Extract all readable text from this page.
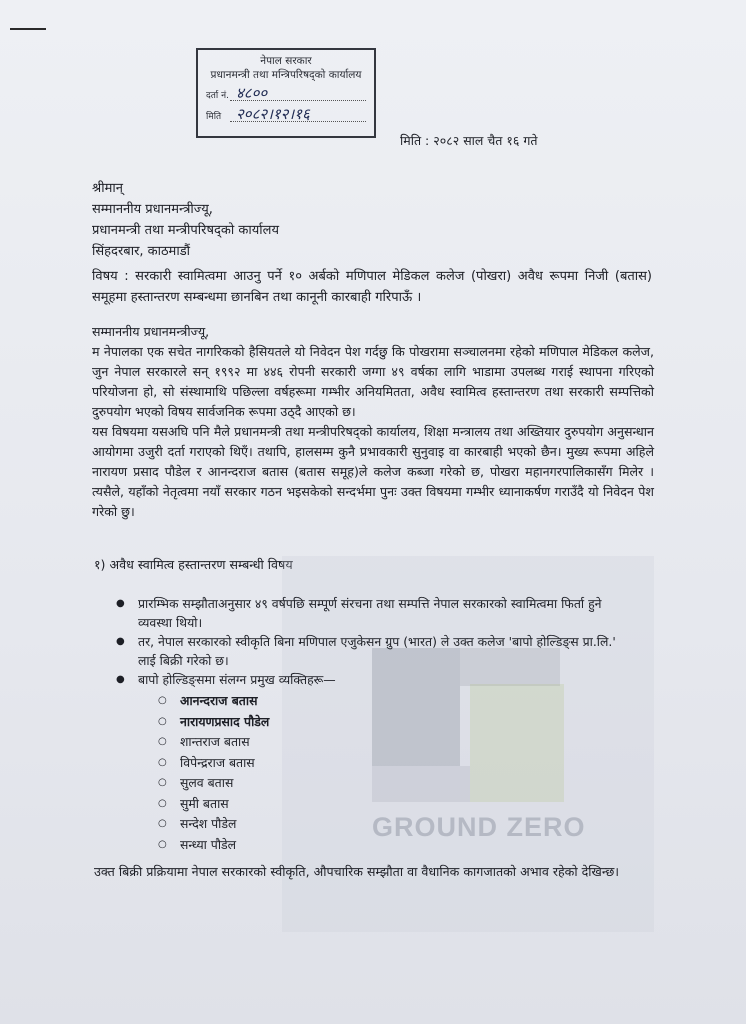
नेपाल सरकार
प्रधानमन्त्री तथा मन्त्रिपरिषद्को कार्यालय
दर्ता नं. ४८००
मिति २०८२।१२।१६
मिति : २०८२ साल चैत १६ गते
श्रीमान्
सम्माननीय प्रधानमन्त्रीज्यू,
प्रधानमन्त्री तथा मन्त्रीपरिषद्को कार्यालय
सिंहदरबार, काठमाडौं
विषय : सरकारी स्वामित्वमा आउनु पर्ने १० अर्बको मणिपाल मेडिकल कलेज (पोखरा) अवैध रूपमा निजी (बतास) समूहमा हस्तान्तरण सम्बन्धमा छानबिन तथा कानूनी कारबाही गरिपाऊँ ।

सम्माननीय प्रधानमन्त्रीज्यू,

म नेपालका एक सचेत नागरिकको हैसियतले यो निवेदन पेश गर्दछु कि पोखरामा सञ्चालनमा रहेको मणिपाल मेडिकल कलेज, जुन नेपाल सरकारले सन् १९९२ मा ४४६ रोपनी सरकारी जग्गा ४९ वर्षका लागि भाडामा उपलब्ध गराई स्थापना गरिएको परियोजना हो, सो संस्थामाथि पछिल्ला वर्षहरूमा गम्भीर अनियमितता, अवैध स्वामित्व हस्तान्तरण तथा सरकारी सम्पत्तिको दुरुपयोग भएको विषय सार्वजनिक रूपमा उठ्दै आएको छ।

यस विषयमा यसअघि पनि मैले प्रधानमन्त्री तथा मन्त्रीपरिषद्को कार्यालय, शिक्षा मन्त्रालय तथा अख्तियार दुरुपयोग अनुसन्धान आयोगमा उजुरी दर्ता गराएको थिएँ। तथापि, हालसम्म कुनै प्रभावकारी सुनुवाइ वा कारबाही भएको छैन। मुख्य रूपमा अहिले नारायण प्रसाद पौडेल र आनन्दराज बतास (बतास समूह)ले कलेज कब्जा गरेको छ, पोखरा महानगरपालिकासँग मिलेर । त्यसैले, यहाँको नेतृत्वमा नयाँ सरकार गठन भइसकेको सन्दर्भमा पुनः उक्त विषयमा गम्भीर ध्यानाकर्षण गराउँदै यो निवेदन पेश गरेको छु।

१) अवैध स्वामित्व हस्तान्तरण सम्बन्धी विषय
GROUND ZERO
●	प्रारम्भिक सम्झौताअनुसार ४९ वर्षपछि सम्पूर्ण संरचना तथा सम्पत्ति नेपाल सरकारको स्वामित्वमा फिर्ता हुने व्यवस्था थियो।
●	तर, नेपाल सरकारको स्वीकृति बिना मणिपाल एजुकेसन ग्रुप (भारत) ले उक्त कलेज 'बापो होल्डिङ्स प्रा.लि.' लाई बिक्री गरेको छ।
●	बापो होल्डिङ्समा संलग्न प्रमुख व्यक्तिहरू—
○	आनन्दराज बतास
○	नारायणप्रसाद पौडेल
○	शान्तराज बतास
○	विपेन्द्रराज बतास
○	सुलव बतास
○	सुमी बतास
○	सन्देश पौडेल
○	सन्ध्या पौडेल
उक्त बिक्री प्रक्रियामा नेपाल सरकारको स्वीकृति, औपचारिक सम्झौता वा वैधानिक कागजातको अभाव रहेको देखिन्छ।
